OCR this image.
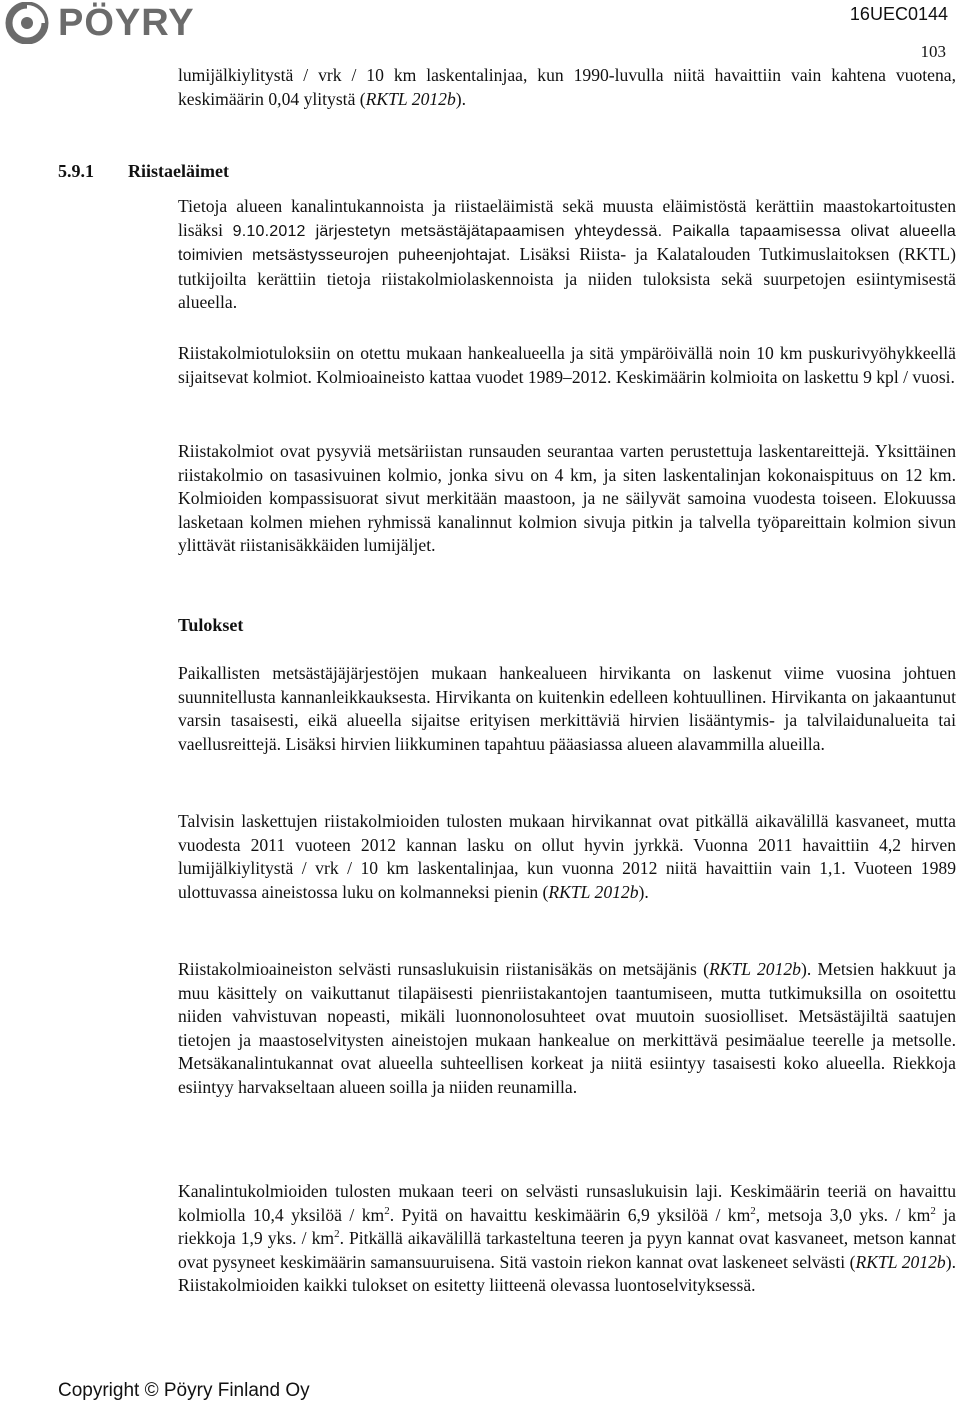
PÖYRY	16UEC0144
103
5.9.1 Riistaeläimet

lumijälkiylitystä / vrk / 10 km laskentalinjaa, kun 1990-luvulla niitä havaittiin vain kahtena vuotena, keskimäärin 0,04 ylitystä (RKTL 2012b).

Tietoja alueen kanalintukannoista ja riistaeläimistä sekä muusta eläimistöstä kerättiin maastokartoitusten lisäksi 9.10.2012 järjestetyn metsästäjätapaamisen yhteydessä. Paikalla tapaamisessa olivat alueella toimivien metsästysseurojen puheenjohtajat. Lisäksi Riista- ja Kalatalouden Tutkimuslaitoksen (RKTL) tutkijoilta kerättiin tietoja riistakolmiolaskennoista ja niiden tuloksista sekä suurpetojen esiintymisestä alueella.

Riistakolmiotuloksiin on otettu mukaan hankealueella ja sitä ympäröivällä noin 10 km puskurivyöhykkeellä sijaitsevat kolmiot. Kolmioaineisto kattaa vuodet 1989–2012. Keskimäärin kolmioita on laskettu 9 kpl / vuosi.

Riistakolmiot ovat pysyviä metsäriistan runsauden seurantaa varten perustettuja laskentareittejä. Yksittäinen riistakolmio on tasasivuinen kolmio, jonka sivu on 4 km, ja siten laskentalinjan kokonaispituus on 12 km. Kolmioiden kompassisuorat sivut merkitään maastoon, ja ne säilyvät samoina vuodesta toiseen. Elokuussa lasketaan kolmen miehen ryhmissä kanalinnut kolmion sivuja pitkin ja talvella työpareittain kolmion sivun ylittävät riistanisäkkäiden lumijäljet.

Tulokset

Paikallisten metsästäjäjärjestöjen mukaan hankealueen hirvikanta on laskenut viime vuosina johtuen suunnitellusta kannanleikkauksesta. Hirvikanta on kuitenkin edelleen kohtuullinen. Hirvikanta on jakaantunut varsin tasaisesti, eikä alueella sijaitse erityisen merkittäviä hirvien lisääntymis- ja talvilaidunalueita tai vaellusreittejä. Lisäksi hirvien liikkuminen tapahtuu pääasiassa alueen alavammilla alueilla.

Talvisin laskettujen riistakolmioiden tulosten mukaan hirvikannat ovat pitkällä aikavälillä kasvaneet, mutta vuodesta 2011 vuoteen 2012 kannan lasku on ollut hyvin jyrkkä. Vuonna 2011 havaittiin 4,2 hirven lumijälkiylitystä / vrk / 10 km laskentalinjaa, kun vuonna 2012 niitä havaittiin vain 1,1. Vuoteen 1989 ulottuvassa aineistossa luku on kolmanneksi pienin (RKTL 2012b).

Riistakolmioaineiston selvästi runsaslukuisin riistanisäkäs on metsäjänis (RKTL 2012b). Metsien hakkuut ja muu käsittely on vaikuttanut tilapäisesti pienriistakantojen taantumiseen, mutta tutkimuksilla on osoitettu niiden vahvistuvan nopeasti, mikäli luonnonolosuhteet ovat muutoin suosiolliset. Metsästäjiltä saatujen tietojen ja maastoselvitysten aineistojen mukaan hankealue on merkittävä pesimäalue teerelle ja metsolle. Metsäkanalintukannat ovat alueella suhteellisen korkeat ja niitä esiintyy tasaisesti koko alueella. Riekkoja esiintyy harvakseltaan alueen soilla ja niiden reunamilla.

Kanalintukolmioiden tulosten mukaan teeri on selvästi runsaslukuisin laji. Keskimäärin teeriä on havaittu kolmiolla 10,4 yksilöä / $km^2$. Pyitä on havaittu keskimäärin 6,9 yksilöä / $km^2$, metsoja 3,0 yks. / $km^2$ ja riekkoja 1,9 yks. / $km^2$. Pitkällä aikavälillä tarkasteltuna teeren ja pyyn kannat ovat kasvaneet, metson kannat ovat pysyneet keskimäärin samansuuruisena. Sitä vastoin riekon kannat ovat laskeneet selvästi (RKTL 2012b). Riistakolmioiden kaikki tulokset on esitetty liitteenä olevassa luontoselvityksessä.

Copyright © Pöyry Finland Oy
